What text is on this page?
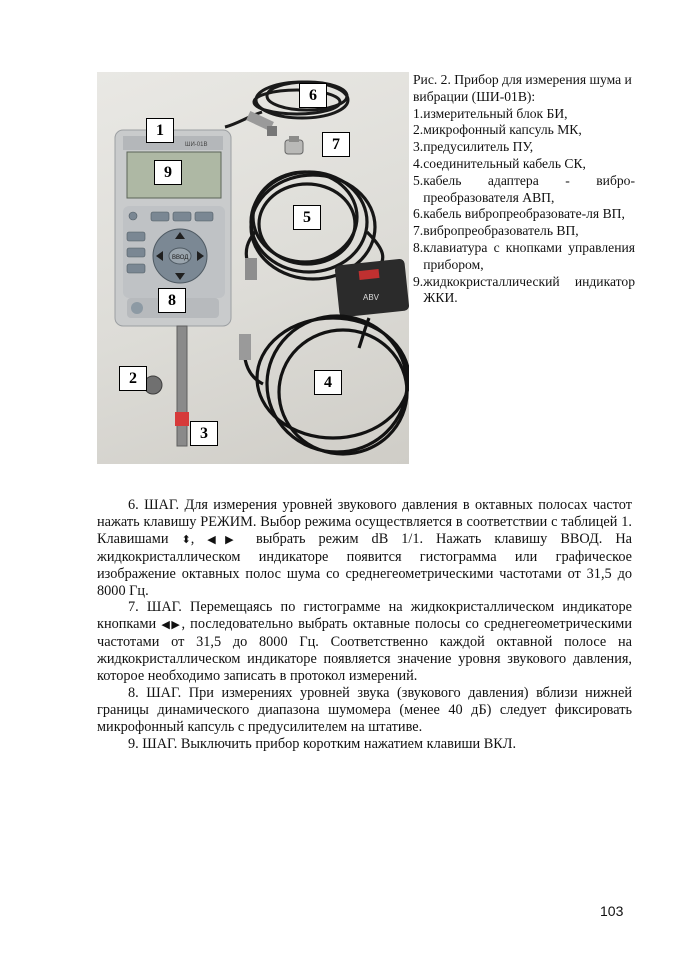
ABV
ШИ-01В
ВВОД
1
2
3
4
5
6
7
8
9

Рис. 2. Прибор для измерения шума и вибрации (ШИ-01В):

1. измерительный блок БИ,
2. микрофонный капсуль МК,
3. предусилитель ПУ,
4. соединительный кабель СК,
5. кабель адаптера - вибро-преобразователя АВП,
6. кабель вибропреобразовате-ля ВП,
7. вибропреобразователь ВП,
8. клавиатура с кнопками управления прибором,
9. жидкокристаллический индикатор ЖКИ.

6. ШАГ. Для измерения уровней звукового давления в октавных полосах частот нажать клавишу РЕЖИМ. Выбор режима осуществляется в соответствии с таблицей 1. Клавишами ⬍, ◀▶ выбрать режим dB 1/1. Нажать клавишу ВВОД. На жидкокристаллическом индикаторе появится гистограмма или графическое изображение октавных полос шума со среднегеометрическими частотами от 31,5 до 8000 Гц.

7. ШАГ. Перемещаясь по гистограмме на жидкокристаллическом индикаторе кнопками ◀▶, последовательно выбрать октавные полосы со среднегеометрическими частотами от 31,5 до 8000 Гц. Соответственно каждой октавной полосе на жидкокристаллическом индикаторе появляется значение уровня звукового давления, которое необходимо записать в протокол измерений.

8. ШАГ. При измерениях уровней звука (звукового давления) вблизи нижней границы динамического диапазона шумомера (менее 40 дБ) следует фиксировать микрофонный капсуль с предусилителем на штативе.

9. ШАГ. Выключить прибор коротким нажатием клавиши ВКЛ.

103
